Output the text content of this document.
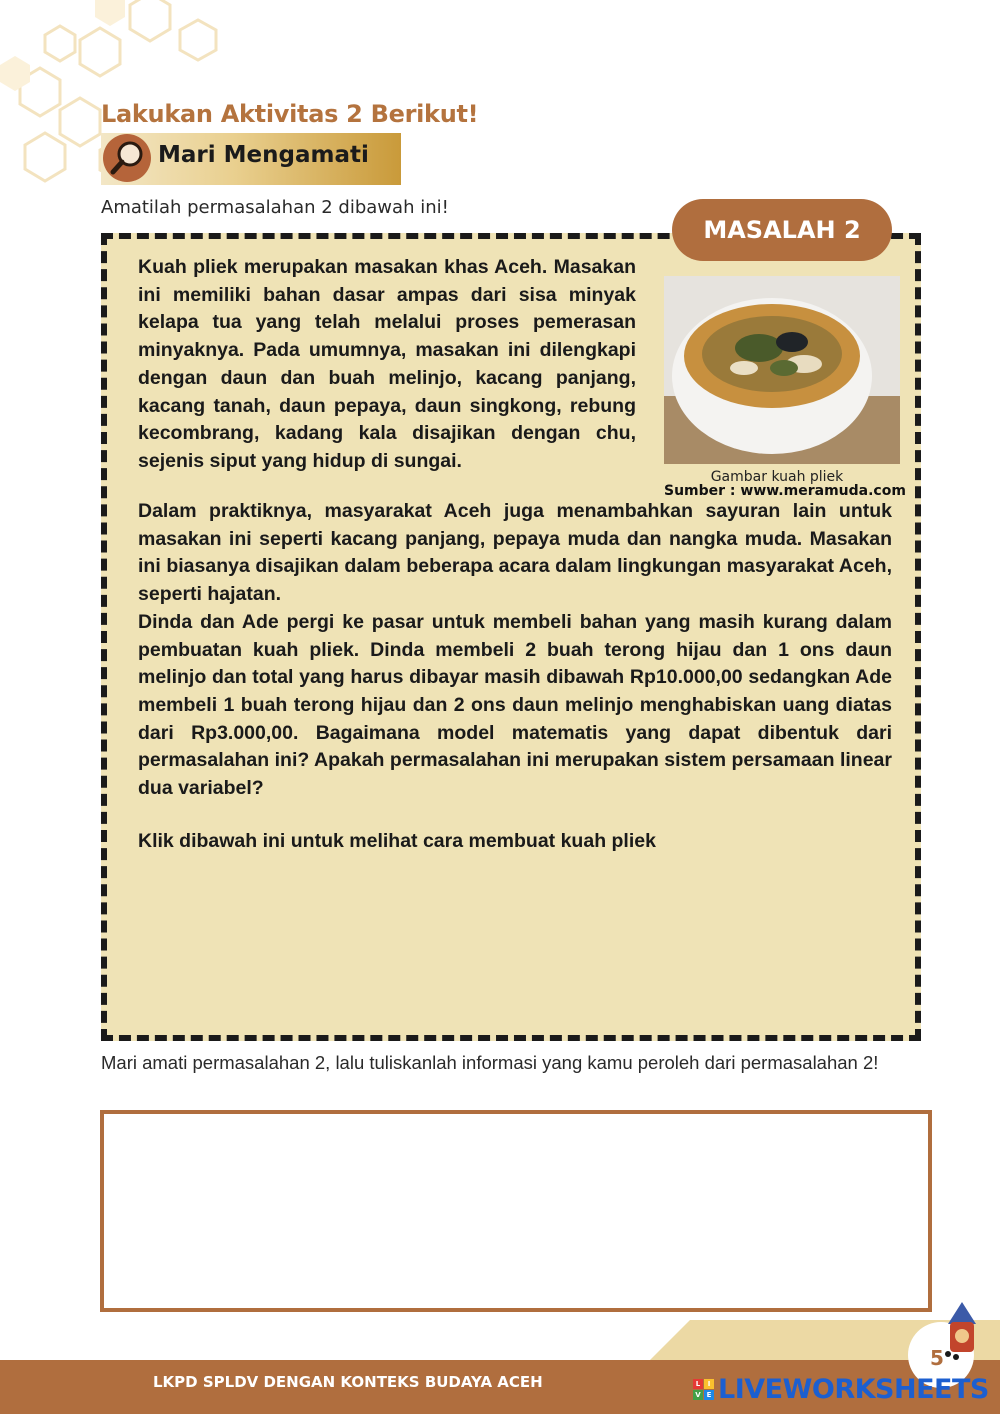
Lakukan Aktivitas 2 Berikut!
Mari Mengamati
Amatilah permasalahan 2 dibawah ini!
MASALAH 2

Kuah pliek merupakan masakan khas Aceh. Masakan ini memiliki bahan dasar ampas dari sisa minyak kelapa tua yang telah melalui proses pemerasan minyaknya. Pada umumnya, masakan ini dilengkapi dengan daun dan buah melinjo, kacang panjang, kacang tanah, daun pepaya, daun singkong, rebung kecombrang, kadang kala disajikan dengan chu, sejenis siput yang hidup di sungai.

Gambar kuah pliek
Sumber : www.meramuda.com

Dalam praktiknya, masyarakat Aceh juga menambahkan sayuran lain untuk masakan ini seperti kacang panjang, pepaya muda dan nangka muda. Masakan ini biasanya disajikan dalam beberapa acara dalam lingkungan masyarakat Aceh, seperti hajatan.

Dinda dan Ade pergi ke pasar untuk membeli bahan yang masih kurang dalam pembuatan kuah pliek. Dinda membeli 2 buah terong hijau dan 1 ons daun melinjo dan total yang harus dibayar masih dibawah Rp10.000,00 sedangkan Ade membeli 1 buah terong hijau dan 2 ons daun melinjo menghabiskan uang diatas dari Rp3.000,00. Bagaimana model matematis yang dapat dibentuk dari permasalahan ini? Apakah permasalahan ini merupakan sistem persamaan linear dua variabel?

Klik dibawah ini untuk melihat cara membuat kuah pliek
Mari amati permasalahan 2, lalu tuliskanlah informasi yang kamu peroleh dari permasalahan 2!
LKPD SPLDV DENGAN KONTEKS BUDAYA ACEH
5
L	I
V E LIVEWORKSHEETS
